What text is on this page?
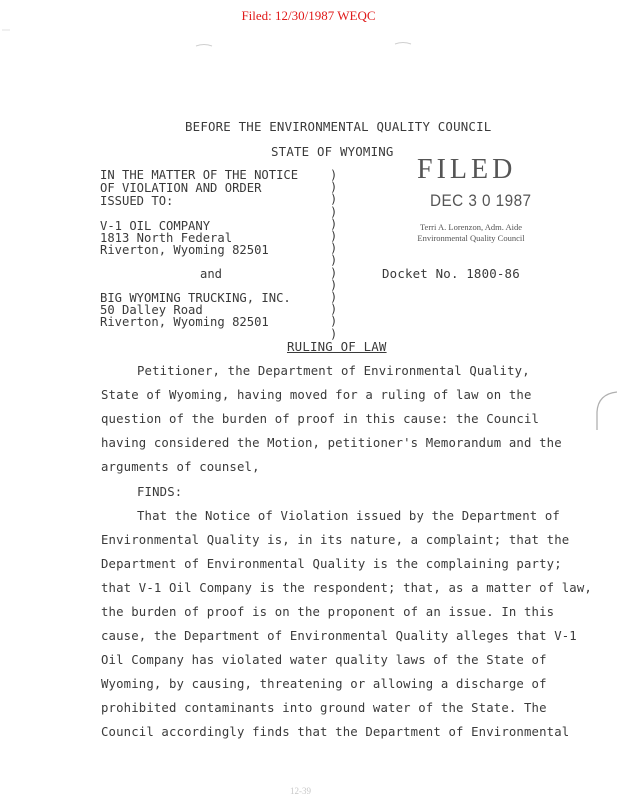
Filed: 12/30/1987 WEQC
BEFORE THE ENVIRONMENTAL QUALITY COUNCIL
STATE OF WYOMING
IN THE MATTER OF THE NOTICE
OF VIOLATION AND ORDER
ISSUED TO:
V-1 OIL COMPANY
1813 North Federal
Riverton, Wyoming 82501
and
BIG WYOMING TRUCKING, INC.
50 Dalley Road
Riverton, Wyoming 82501
)
)
)
)
)
)
)
)
)
)
)
)
)
)
FILED
DEC 3 0 1987
Terri A. Lorenzon, Adm. Aide
Environmental Quality Council
Docket No. 1800-86
RULING OF LAW
Petitioner, the Department of Environmental Quality,
State of Wyoming, having moved for a ruling of law on the
question of the burden of proof in this cause: the Council
having considered the Motion, petitioner's Memorandum and the
arguments of counsel,
FINDS:
That the Notice of Violation issued by the Department of
Environmental Quality is, in its nature, a complaint; that the
Department of Environmental Quality is the complaining party;
that V-1 Oil Company is the respondent; that, as a matter of law,
the burden of proof is on the proponent of an issue. In this
cause, the Department of Environmental Quality alleges that V-1
Oil Company has violated water quality laws of the State of
Wyoming, by causing, threatening or allowing a discharge of
prohibited contaminants into ground water of the State. The
Council accordingly finds that the Department of Environmental
12-39
